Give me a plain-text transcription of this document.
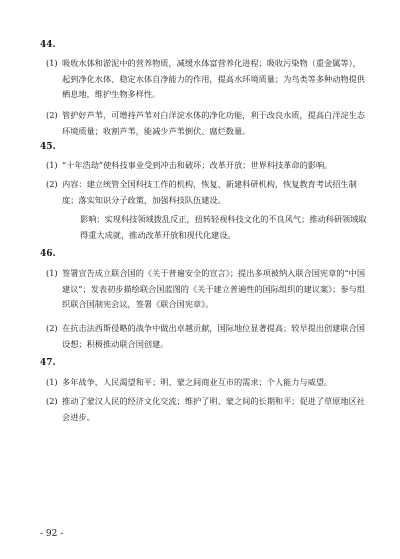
44.
(1) 吸收水体和淤泥中的营养物质，减缓水体富营养化进程；吸收污染物（重金属等），起到净化水体、稳定水体自净能力的作用，提高水环境质量；为鸟类等多种动物提供栖息地，维护生物多样性。
(2) 管护好芦苇，可增持芦苇对白洋淀水体的净化功能，利于改良水质，提高白洋淀生态环境质量；收割芦苇，能减少芦苇倒伏、腐烂数量。
45.
(1) “十年浩劫”使科技事业受到冲击和破坏；改革开放；世界科技革命的影响。
(2) 内容：建立统管全国科技工作的机构，恢复、新建科研机构，恢复教育考试招生制度；落实知识分子政策，加强科技队伍建设。
影响：实现科技领域拨乱反正，扭转轻视科技文化的不良风气；推动科研领域取得重大成就，推动改革开放和现代化建设。
46.
(1) 签署宣告成立联合国的《关于普遍安全的宣言》；提出多项被纳入联合国宪章的“中国建议”；发表初步描绘联合国蓝图的《关于建立普遍性的国际组织的建议案》；参与组织联合国制宪会议，签署《联合国宪章》。
(2) 在抗击法西斯侵略的战争中做出卓越贡献，国际地位显著提高；较早提出创建联合国设想；积极推动联合国创建。
47.
(1) 多年战争，人民渴望和平；明、蒙之间商业互市的需求；个人能力与威望。
(2) 推动了蒙汉人民的经济文化交流；维护了明、蒙之间的长期和平；促进了草原地区社会进步。
- 92 -
